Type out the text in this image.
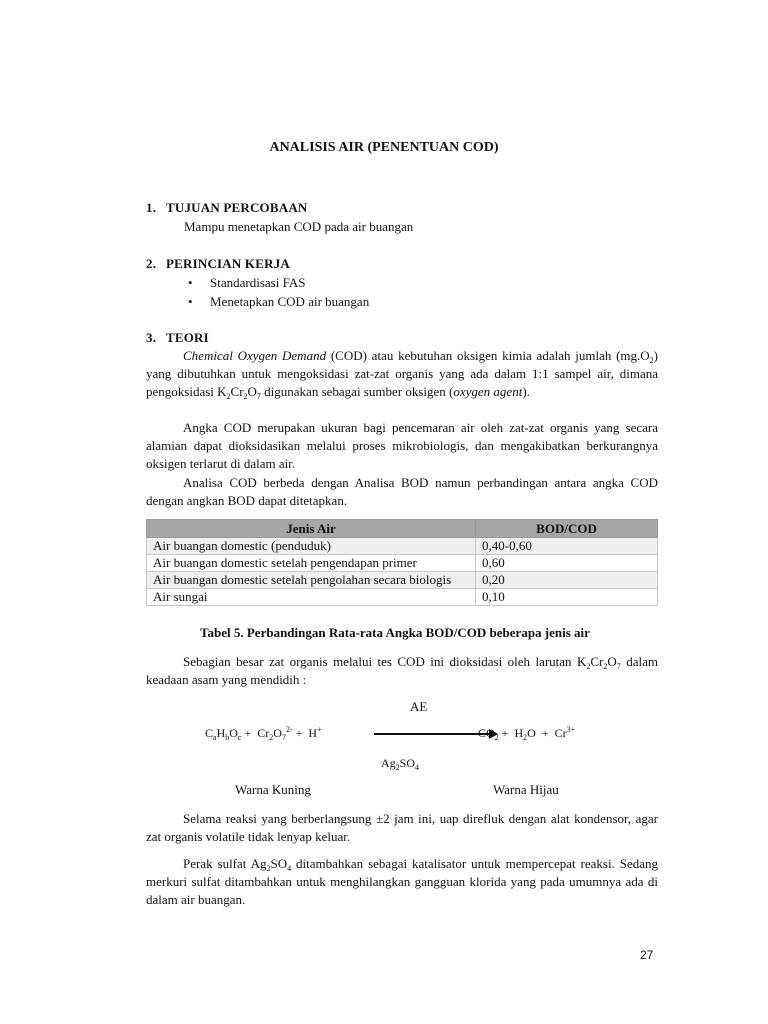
ANALISIS AIR (PENENTUAN COD)
1. TUJUAN PERCOBAAN
Mampu menetapkan COD pada air buangan
2. PERINCIAN KERJA
• Standardisasi FAS
• Menetapkan COD air buangan
3. TEORI
Chemical Oxygen Demand (COD) atau kebutuhan oksigen kimia adalah jumlah $(mg.O_2)$ yang dibutuhkan untuk mengoksidasi zat-zat organis yang ada dalam 1:1 sampel air, dimana pengoksidasi $K_2Cr_2O_7$ digunakan sebagai sumber oksigen (oxygen agent).
Angka COD merupakan ukuran bagi pencemaran air oleh zat-zat organis yang secara alamian dapat dioksidasikan melalui proses mikrobiologis, dan mengakibatkan berkurangnya oksigen terlarut di dalam air.
Analisa COD berbeda dengan Analisa BOD namun perbandingan antara angka COD dengan angkan BOD dapat ditetapkan.
Jenis Air	BOD/COD
Air buangan domestic (penduduk)	0,40-0,60
Air buangan domestic setelah pengendapan primer	0,60
Air buangan domestic setelah pengolahan secara biologis	0,20
Air sungai	0,10
Tabel 5. Perbandingan Rata-rata Angka BOD/COD beberapa jenis air
Sebagian besar zat organis melalui tes COD ini dioksidasi oleh larutan $K_2Cr_2O_7$ dalam keadaan asam yang mendidih :
AE
$C_aH_bO_c + Cr_2O_7^{2-} + H^+$	$CO_2 + H_2O + Cr^{3+}$
$Ag_2SO_4$
Warna Kuning	Warna Hijau
Selama reaksi yang berberlangsung ±2 jam ini, uap direfluk dengan alat kondensor, agar zat organis volatile tidak lenyap keluar.
Perak sulfat $Ag_2SO_4$ ditambahkan sebagai katalisator untuk mempercepat reaksi. Sedang merkuri sulfat ditambahkan untuk menghilangkan gangguan klorida yang pada umumnya ada di dalam air buangan.
27
